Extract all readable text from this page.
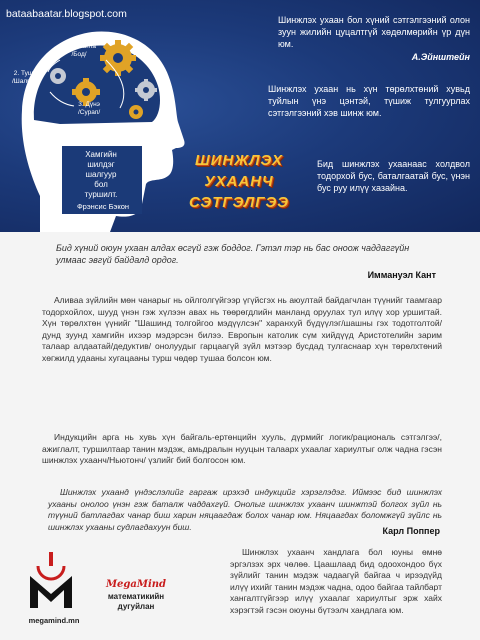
bataabaatar.blogspot.com
1.Таамагла
/Бод/
2. Туш
/Шалга/
3. Дүнэ
/Сурап/
Гипотетик-дедуктив
арга
Хамгийн
шилдэг
шалгуур
бол
туршилт.
Фрэнсис Бэкон
ШИНЖЛЭХ
УХААНЧ
СЭТГЭЛГЭЭ
Шинжлэх ухаан бол хүний сэтгэлгээний олон зуун жилийн цуцалтгүй хөдөлмөрийн үр дүн юм.
А.Эйнштейн
Шинжлэх ухаан нь хүн төрөлхтөний хувьд туйлын үнэ цэнтэй, түшиж тулгуурлах сэтгэлгээний хэв шинж юм.
Бид шинжлэх ухаанаас холдвол тодорхой бус, баталгаатай бус, үнэн бус руу илүү хазайна.
Бид хүний оюун ухаан алдах өсгүй гэж боддог. Гэтэл тэр нь бас оноож чаддаггүйн улмаас эвгүй байдалд ордог.
Иммануэл Кант
Аливаа зүйлийн мөн чанарыг нь ойлголгүйгээр үгүйсгэх нь аюултай байдагчлан түүнийг таамгаар тодорхойлох, шууд үнэн гэж хүлээн авах нь төөрөгдлийн манланд оруулах тул илүү хор уршигтай. Хүн төрөлхтөн үүнийг "Шашинд толгойгоо мэдүүлсэн" харанхуй бүдүүлэг/шашны гэх тодотголтой/ дунд зуунд хамгийн ихээр мэдэрсэн билээ. Европын католик сүм хийдүүд Аристотелийн зарим талаар алдаатай/дедуктив/ онолуудыг гарцаагүй зүйл мэтээр бусдад тулгаснаар хүн төрөлхтөний хөгжилд удааны хугацааны турш чөдөр тушаа болсон юм.
Индукцийн арга нь хувь хүн байгаль-ертөнцийн хууль, дүрмийг логик/рациональ сэтгэлгээ/, ажиглалт, туршилтаар танин мэдэж, амьдралын нууцын талаарх ухаалаг хариултыг олж чадна гэсэн шинжлэх ухаанч/Ньютонч/ үзлийг бий болгосон юм.
Шинжлэх ухаанд үндэслэлийг гаргаж ирэхэд индукцийг хэрэглэдэг. Иймээс бид шинжлэх ухааны онолоо үнэн гэж баталж чаддахгүй. Онолыг шинжлэх ухаанч шинжтэй болгох зүйл нь түүний батлагдах чанар биш харин няцаагдаж болох чанар юм. Няцаагдах боломжгүй зүйлс нь шинжлэх ухааны судлагдахуун биш.	Карл Поппер
megamind.mn
MegaMind
математикийн
дугуйлан
Шинжлэх ухаанч хандлага бол юуны өмнө эргэлзэх эрх чөлөө. Цаашлаад бид одоохондоо бүх зүйлийг танин мэдэж чадаагүй байгаа ч ирээдүйд илүү ихийг танин мэдэж чадна, одоо байгаа тайлбарт хангалтгүйгээр илүү ухаалаг хариултыг эрж хайх хэрэгтэй гэсэн оюуны бүтээлч хандлага юм.
